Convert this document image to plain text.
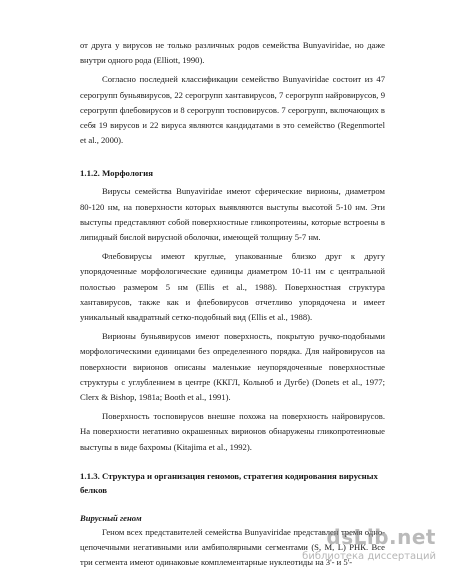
от друга у вирусов не только различных родов семейства Bunyaviridae, но даже внутри одного рода (Elliott, 1990).

Согласно последней классификации семейство Bunyaviridae состоит из 47 серогрупп буньявирусов, 22 серогрупп хантавирусов, 7 серогрупп найровирусов, 9 серогрупп флебовирусов и 8 серогрупп тосповирусов. 7 серогрупп, включающих в себя 19 вирусов и 22 вируса являются кандидатами в это семейство (Regenmortel et al., 2000).

1.1.2. Морфология

Вирусы семейства Bunyaviridae имеют сферические вирионы, диаметром 80-120 нм, на поверхности которых выявляются выступы высотой 5-10 нм. Эти выступы представляют собой поверхностные гликопротеины, которые встроены в липидный бислой вирусной оболочки, имеющей толщину 5-7 нм.

Флебовирусы имеют круглые, упакованные близко друг к другу упорядоченные морфологические единицы диаметром 10-11 нм с центральной полостью размером 5 нм (Ellis et al., 1988). Поверхностная структура хантавирусов, также как и флебовирусов отчетливо упорядочена и имеет уникальный квадратный сетко-подобный вид (Ellis et al., 1988).

Вирионы буньявирусов имеют поверхность, покрытую ручко-подобными морфологическими единицами без определенного порядка. Для найровирусов на поверхности вирионов описаны маленькие неупорядоченные поверхностные структуры с углублением в центре (ККГЛ, Колыюб и Дугбе) (Donets et al., 1977; Clerx & Bishop, 1981a; Booth et al., 1991).

Поверхность тосповирусов внешне похожа на поверхность найровирусов. На поверхности негативно окрашенных вирионов обнаружены гликопротеиновые выступы в виде бахромы (Kitajima et al., 1992).

1.1.3. Структура и организация геномов, стратегия кодирования вирусных белков

Вирусный геном

Геном всех представителей семейства Bunyaviridae представлен тремя одно-цепочечными негативными или амбиполярными сегментами (S, M, L) РНК. Все три сегмента имеют одинаковые комплементарные нуклеотиды на 3'- и 5'-

dsLib.net
библиотека диссертаций
